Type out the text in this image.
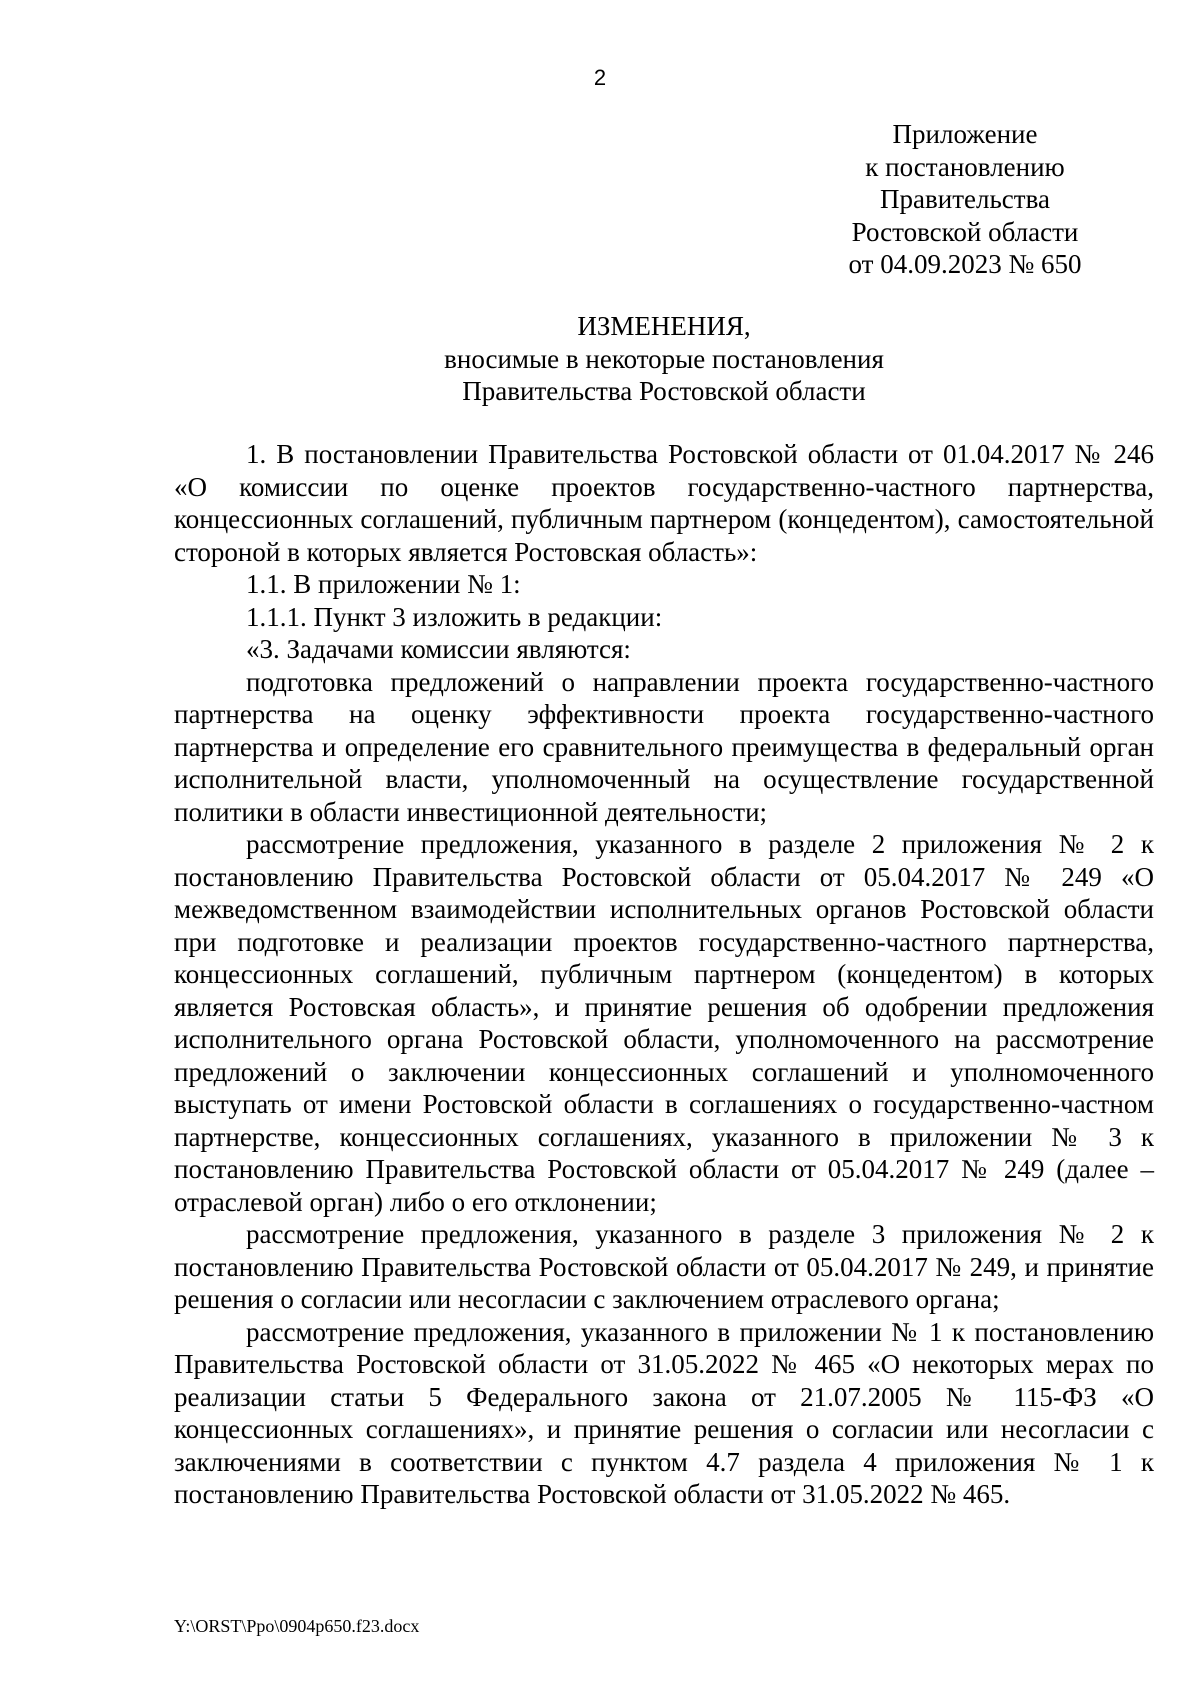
2
Приложение
к постановлению
Правительства
Ростовской области
от 04.09.2023 № 650
ИЗМЕНЕНИЯ,
вносимые в некоторые постановления
Правительства Ростовской области

1. В постановлении Правительства Ростовской области от 01.04.2017 № 246 «О комиссии по оценке проектов государственно-частного партнерства, концессионных соглашений, публичным партнером (концедентом), самостоятельной стороной в которых является Ростовская область»:

1.1. В приложении № 1:

1.1.1. Пункт 3 изложить в редакции:

«3. Задачами комиссии являются:

подготовка предложений о направлении проекта государственно-частного партнерства на оценку эффективности проекта государственно-частного партнерства и определение его сравнительного преимущества в федеральный орган исполнительной власти, уполномоченный на осуществление государственной политики в области инвестиционной деятельности;

рассмотрение предложения, указанного в разделе 2 приложения № 2 к постановлению Правительства Ростовской области от 05.04.2017 № 249 «О межведомственном взаимодействии исполнительных органов Ростовской области при подготовке и реализации проектов государственно-частного партнерства, концессионных соглашений, публичным партнером (концедентом) в которых является Ростовская область», и принятие решения об одобрении предложения исполнительного органа Ростовской области, уполномоченного на рассмотрение предложений о заключении концессионных соглашений и уполномоченного выступать от имени Ростовской области в соглашениях о государственно-частном партнерстве, концессионных соглашениях, указанного в приложении № 3 к постановлению Правительства Ростовской области от 05.04.2017 № 249 (далее – отраслевой орган) либо о его отклонении;

рассмотрение предложения, указанного в разделе 3 приложения № 2 к постановлению Правительства Ростовской области от 05.04.2017 № 249, и принятие решения о согласии или несогласии с заключением отраслевого органа;

рассмотрение предложения, указанного в приложении № 1 к постановлению Правительства Ростовской области от 31.05.2022 № 465 «О некоторых мерах по реализации статьи 5 Федерального закона от 21.07.2005 № 115-ФЗ «О концессионных соглашениях», и принятие решения о согласии или несогласии с заключениями в соответствии с пунктом 4.7 раздела 4 приложения № 1 к постановлению Правительства Ростовской области от 31.05.2022 № 465.

Y:\ORST\Ppo\0904p650.f23.docx
